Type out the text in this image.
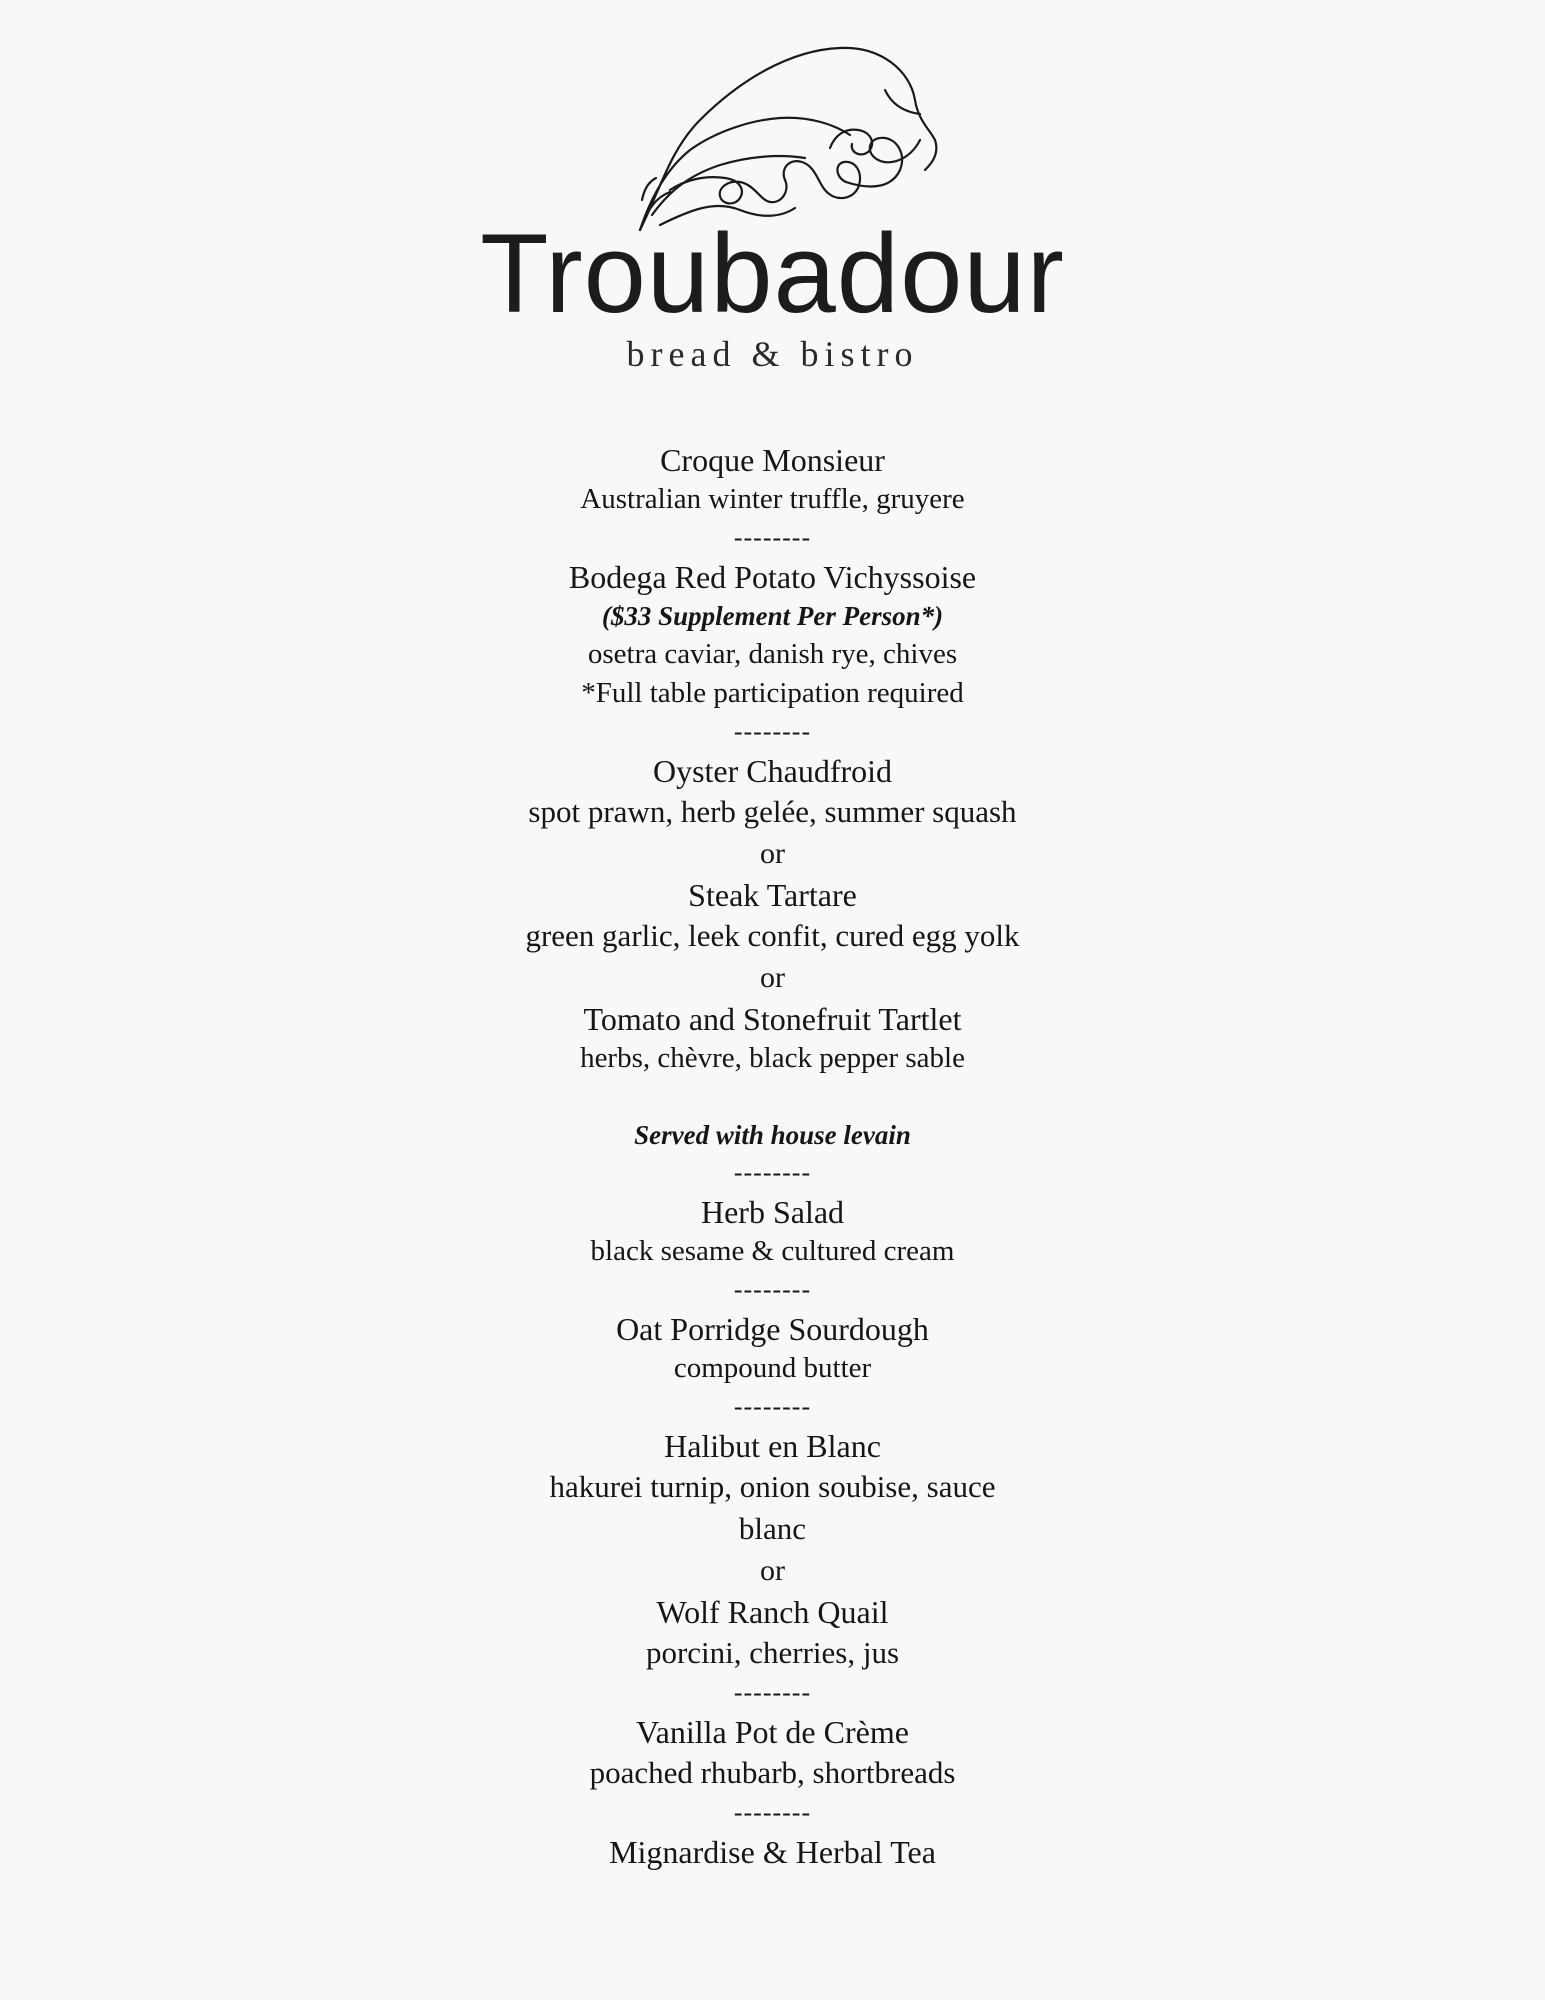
Troubadour
bread & bistro
Croque Monsieur
Australian winter truffle, gruyere
--------
Bodega Red Potato Vichyssoise
($33 Supplement Per Person*)
osetra caviar, danish rye, chives
*Full table participation required
--------
Oyster Chaudfroid
spot prawn, herb gelée, summer squash
or
Steak Tartare
green garlic, leek confit, cured egg yolk
or
Tomato and Stonefruit Tartlet
herbs, chèvre, black pepper sable
Served with house levain
--------
Herb Salad
black sesame & cultured cream
--------
Oat Porridge Sourdough
compound butter
--------
Halibut en Blanc
hakurei turnip, onion soubise, sauce
blanc
or
Wolf Ranch Quail
porcini, cherries, jus
--------
Vanilla Pot de Crème
poached rhubarb, shortbreads
--------
Mignardise & Herbal Tea
